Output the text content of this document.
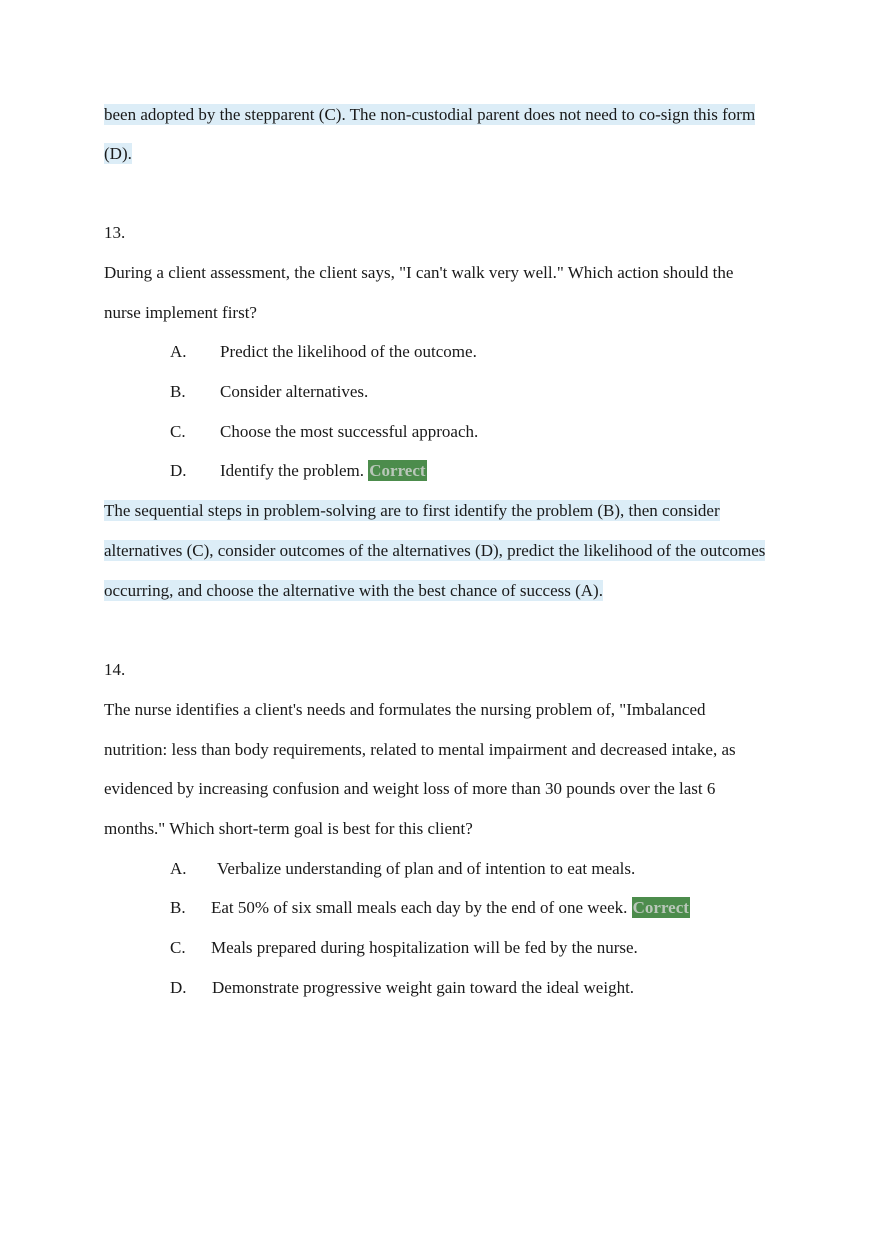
been adopted by the stepparent (C). The non-custodial parent does not need to co-sign this form
(D).
13.
During a client assessment, the client says, "I can't walk very well." Which action should the
nurse implement first?
A. Predict the likelihood of the outcome.
B. Consider alternatives.
C. Choose the most successful approach.
D. Identify the problem. Correct
The sequential steps in problem-solving are to first identify the problem (B), then consider
alternatives (C), consider outcomes of the alternatives (D), predict the likelihood of the outcomes
occurring, and choose the alternative with the best chance of success (A).
14.
The nurse identifies a client's needs and formulates the nursing problem of, "Imbalanced
nutrition: less than body requirements, related to mental impairment and decreased intake, as
evidenced by increasing confusion and weight loss of more than 30 pounds over the last 6
months." Which short-term goal is best for this client?
A. Verbalize understanding of plan and of intention to eat meals.
B. Eat 50% of six small meals each day by the end of one week. Correct
C. Meals prepared during hospitalization will be fed by the nurse.
D. Demonstrate progressive weight gain toward the ideal weight.
